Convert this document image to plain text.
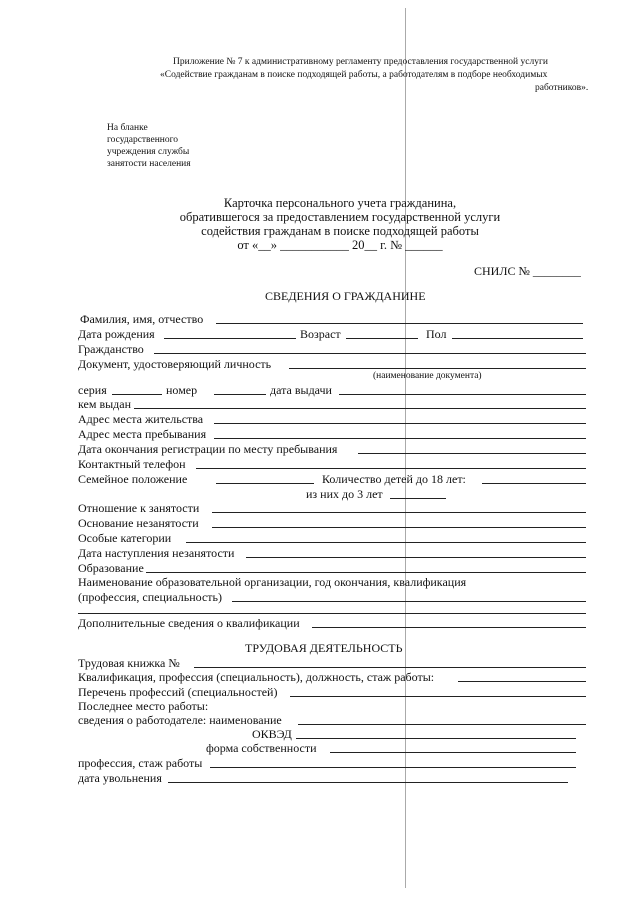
Приложение № 7 к административному регламенту предоставления государственной услуги
«Содействие гражданам в поиске подходящей работы, а работодателям в подборе необходимых
работников».
На бланке государственного учреждения службы занятости населения
Карточка персонального учета гражданина,
обратившегося за предоставлением государственной услуги
содействия гражданам в поиске подходящей работы
от «__» ___________ 20__ г. № ______
СНИЛС № ________
СВЕДЕНИЯ О ГРАЖДАНИНЕ
Фамилия, имя, отчество
Дата рождения	Возраст	Пол
Гражданство
Документ, удостоверяющий личность
(наименование документа)
серия	номер	дата выдачи
кем выдан
Адрес места жительства
Адрес места пребывания
Дата окончания регистрации по месту пребывания
Контактный телефон
Семейное положение	Количество детей до 18 лет:
из них до 3 лет
Отношение к занятости
Основание незанятости
Особые категории
Дата наступления незанятости
Образование
Наименование образовательной организации, год окончания, квалификация
(профессия, специальность)
Дополнительные сведения о квалификации
ТРУДОВАЯ ДЕЯТЕЛЬНОСТЬ
Трудовая книжка №
Квалификация, профессия (специальность), должность, стаж работы:
Перечень профессий (специальностей)
Последнее место работы:
сведения о работодателе: наименование
ОКВЭД
форма собственности
профессия, стаж работы
дата увольнения
